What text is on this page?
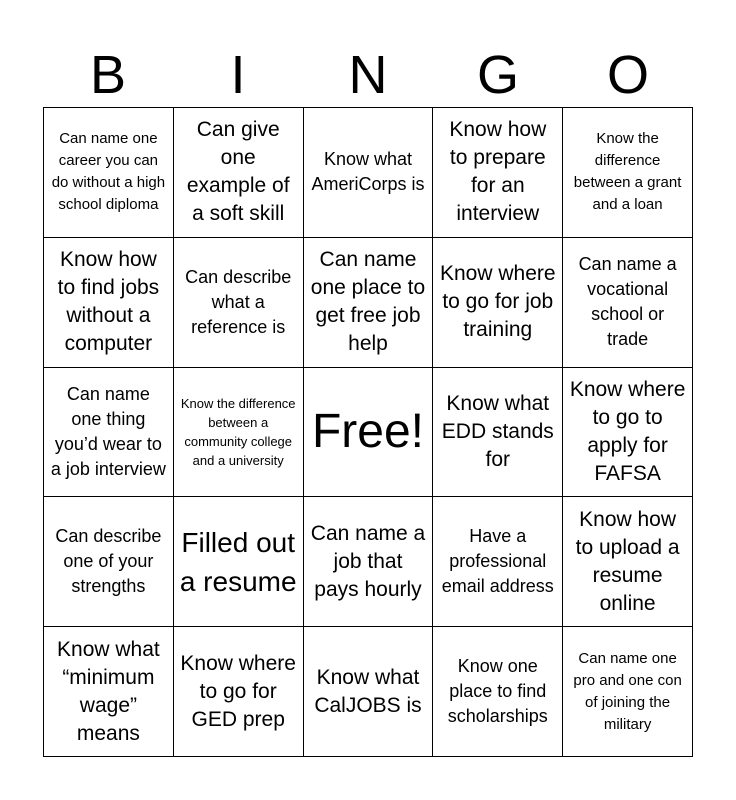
B	I	N	G	O
Can name one career you can do without a high school diploma
Can give one example of a soft skill
Know what AmeriCorps is
Know how to prepare for an interview
Know the difference between a grant and a loan
Know how to find jobs without a computer
Can describe what a reference is
Can name one place to get free job help
Know where to go for job training
Can name a vocational school or trade
Can name one thing you’d wear to a job interview
Know the difference between a community college and a university
Free!
Know what EDD stands for
Know where to go to apply for FAFSA
Can describe one of your strengths
Filled out a resume
Can name a job that pays hourly
Have a professional email address
Know how to upload a resume online
Know what “minimum wage” means
Know where to go for GED prep
Know what CalJOBS is
Know one place to find scholarships
Can name one pro and one con of joining the military
